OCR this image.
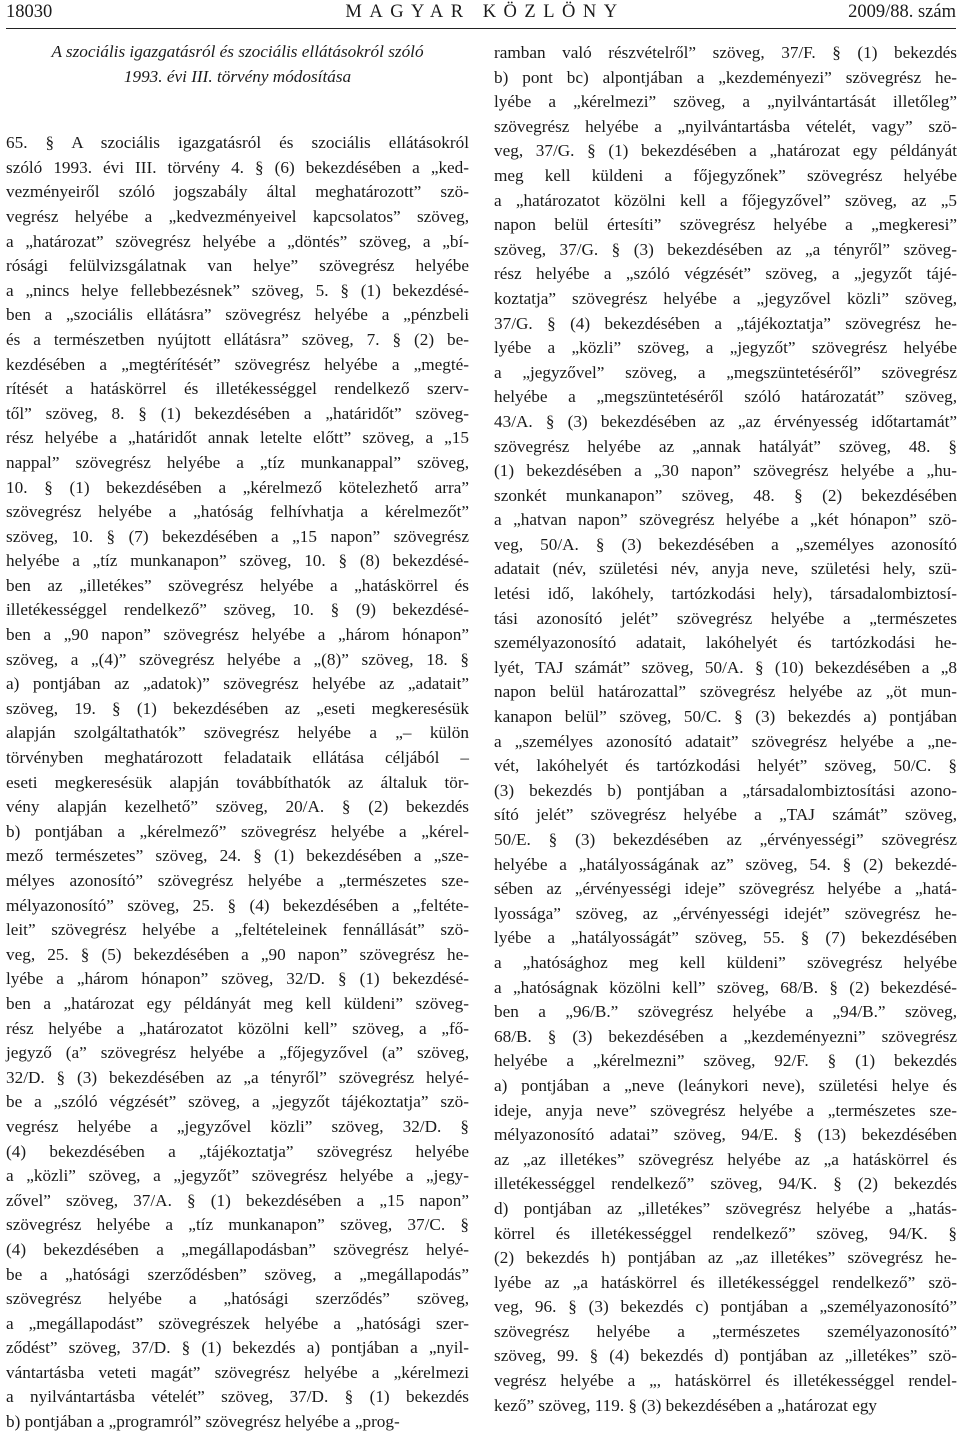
18030	MAGYAR KÖZLÖNY	2009/88. szám
A szociális igazgatásról és szociális ellátásokról szóló
1993. évi III. törvény módosítása
65. § A szociális igazgatásról és szociális ellátásokról
szóló 1993. évi III. törvény 4. § (6) bekezdésében a „ked-
vezményeiről szóló jogszabály által meghatározott” szö-
vegrész helyébe a „kedvezményeivel kapcsolatos” szöveg,
a „határozat” szövegrész helyébe a „döntés” szöveg, a „bí-
rósági felülvizsgálatnak van helye” szövegrész helyébe
a „nincs helye fellebbezésnek” szöveg, 5. § (1) bekezdésé-
ben a „szociális ellátásra” szövegrész helyébe a „pénzbeli
és a természetben nyújtott ellátásra” szöveg, 7. § (2) be-
kezdésében a „megtérítését” szövegrész helyébe a „megté-
rítését a hatáskörrel és illetékességgel rendelkező szerv-
től” szöveg, 8. § (1) bekezdésében a „határidőt” szöveg-
rész helyébe a „határidőt annak letelte előtt” szöveg, a „15
nappal” szövegrész helyébe a „tíz munkanappal” szöveg,
10. § (1) bekezdésében a „kérelmező kötelezhető arra”
szövegrész helyébe a „hatóság felhívhatja a kérelmezőt”
szöveg, 10. § (7) bekezdésében a „15 napon” szövegrész
helyébe a „tíz munkanapon” szöveg, 10. § (8) bekezdésé-
ben az „illetékes” szövegrész helyébe a „hatáskörrel és
illetékességgel rendelkező” szöveg, 10. § (9) bekezdésé-
ben a „90 napon” szövegrész helyébe a „három hónapon”
szöveg, a „(4)” szövegrész helyébe a „(8)” szöveg, 18. §
a) pontjában az „adatok)” szövegrész helyébe az „adatait”
szöveg, 19. § (1) bekezdésében az „eseti megkeresésük
alapján szolgáltathatók” szövegrész helyébe a „– külön
törvényben meghatározott feladataik ellátása céljából –
eseti megkeresésük alapján továbbíthatók az általuk tör-
vény alapján kezelhető” szöveg, 20/A. § (2) bekezdés
b) pontjában a „kérelmező” szövegrész helyébe a „kérel-
mező természetes” szöveg, 24. § (1) bekezdésében a „sze-
mélyes azonosító” szövegrész helyébe a „természetes sze-
mélyazonosító” szöveg, 25. § (4) bekezdésében a „feltéte-
leit” szövegrész helyébe a „feltételeinek fennállását” szö-
veg, 25. § (5) bekezdésében a „90 napon” szövegrész he-
lyébe a „három hónapon” szöveg, 32/D. § (1) bekezdésé-
ben a „határozat egy példányát meg kell küldeni” szöveg-
rész helyébe a „határozatot közölni kell” szöveg, a „fő-
jegyző (a” szövegrész helyébe a „főjegyzővel (a” szöveg,
32/D. § (3) bekezdésében az „a tényről” szövegrész helyé-
be a „szóló végzését” szöveg, a „jegyzőt tájékoztatja” szö-
vegrész helyébe a „jegyzővel közli” szöveg, 32/D. §
(4) bekezdésében a „tájékoztatja” szövegrész helyébe
a „közli” szöveg, a „jegyzőt” szövegrész helyébe a „jegy-
zővel” szöveg, 37/A. § (1) bekezdésében a „15 napon”
szövegrész helyébe a „tíz munkanapon” szöveg, 37/C. §
(4) bekezdésében a „megállapodásban” szövegrész helyé-
be a „hatósági szerződésben” szöveg, a „megállapodás”
szövegrész helyébe a „hatósági szerződés” szöveg,
a „megállapodást” szövegrészek helyébe a „hatósági szer-
ződést” szöveg, 37/D. § (1) bekezdés a) pontjában a „nyil-
vántartásba veteti magát” szövegrész helyébe a „kérelmezi
a nyilvántartásba vételét” szöveg, 37/D. § (1) bekezdés
b) pontjában a „programról” szövegrész helyébe a „prog-
ramban való részvételről” szöveg, 37/F. § (1) bekezdés
b) pont bc) alpontjában a „kezdeményezi” szövegrész he-
lyébe a „kérelmezi” szöveg, a „nyilvántartását illetőleg”
szövegrész helyébe a „nyilvántartásba vételét, vagy” szö-
veg, 37/G. § (1) bekezdésében a „határozat egy példányát
meg kell küldeni a főjegyzőnek” szövegrész helyébe
a „határozatot közölni kell a főjegyzővel” szöveg, az „5
napon belül értesíti” szövegrész helyébe a „megkeresi”
szöveg, 37/G. § (3) bekezdésében az „a tényről” szöveg-
rész helyébe a „szóló végzését” szöveg, a „jegyzőt tájé-
koztatja” szövegrész helyébe a „jegyzővel közli” szöveg,
37/G. § (4) bekezdésében a „tájékoztatja” szövegrész he-
lyébe a „közli” szöveg, a „jegyzőt” szövegrész helyébe
a „jegyzővel” szöveg, a „megszüntetéséről” szövegrész
helyébe a „megszüntetéséről szóló határozatát” szöveg,
43/A. § (3) bekezdésében az „az érvényesség időtartamát”
szövegrész helyébe az „annak hatályát” szöveg, 48. §
(1) bekezdésében a „30 napon” szövegrész helyébe a „hu-
szonkét munkanapon” szöveg, 48. § (2) bekezdésében
a „hatvan napon” szövegrész helyébe a „két hónapon” szö-
veg, 50/A. § (3) bekezdésében a „személyes azonosító
adatait (név, születési név, anyja neve, születési hely, szü-
letési idő, lakóhely, tartózkodási hely), társadalombiztosí-
tási azonosító jelét” szövegrész helyébe a „természetes
személyazonosító adatait, lakóhelyét és tartózkodási he-
lyét, TAJ számát” szöveg, 50/A. § (10) bekezdésében a „8
napon belül határozattal” szövegrész helyébe az „öt mun-
kanapon belül” szöveg, 50/C. § (3) bekezdés a) pontjában
a „személyes azonosító adatait” szövegrész helyébe a „ne-
vét, lakóhelyét és tartózkodási helyét” szöveg, 50/C. §
(3) bekezdés b) pontjában a „társadalombiztosítási azono-
sító jelét” szövegrész helyébe a „TAJ számát” szöveg,
50/E. § (3) bekezdésében az „érvényességi” szövegrész
helyébe a „hatályosságának az” szöveg, 54. § (2) bekezdé-
sében az „érvényességi ideje” szövegrész helyébe a „hatá-
lyossága” szöveg, az „érvényességi idejét” szövegrész he-
lyébe a „hatályosságát” szöveg, 55. § (7) bekezdésében
a „hatósághoz meg kell küldeni” szövegrész helyébe
a „hatóságnak közölni kell” szöveg, 68/B. § (2) bekezdésé-
ben a „96/B.” szövegrész helyébe a „94/B.” szöveg,
68/B. § (3) bekezdésében a „kezdeményezni” szövegrész
helyébe a „kérelmezni” szöveg, 92/F. § (1) bekezdés
a) pontjában a „neve (leánykori neve), születési helye és
ideje, anyja neve” szövegrész helyébe a „természetes sze-
mélyazonosító adatai” szöveg, 94/E. § (13) bekezdésében
az „az illetékes” szövegrész helyébe az „a hatáskörrel és
illetékességgel rendelkező” szöveg, 94/K. § (2) bekezdés
d) pontjában az „illetékes” szövegrész helyébe a „hatás-
körrel és illetékességgel rendelkező” szöveg, 94/K. §
(2) bekezdés h) pontjában az „az illetékes” szövegrész he-
lyébe az „a hatáskörrel és illetékességgel rendelkező” szö-
veg, 96. § (3) bekezdés c) pontjában a „személyazonosító”
szövegrész helyébe a „természetes személyazonosító”
szöveg, 99. § (4) bekezdés d) pontjában az „illetékes” szö-
vegrész helyébe a „, hatáskörrel és illetékességgel rendel-
kező” szöveg, 119. § (3) bekezdésében a „határozat egy
